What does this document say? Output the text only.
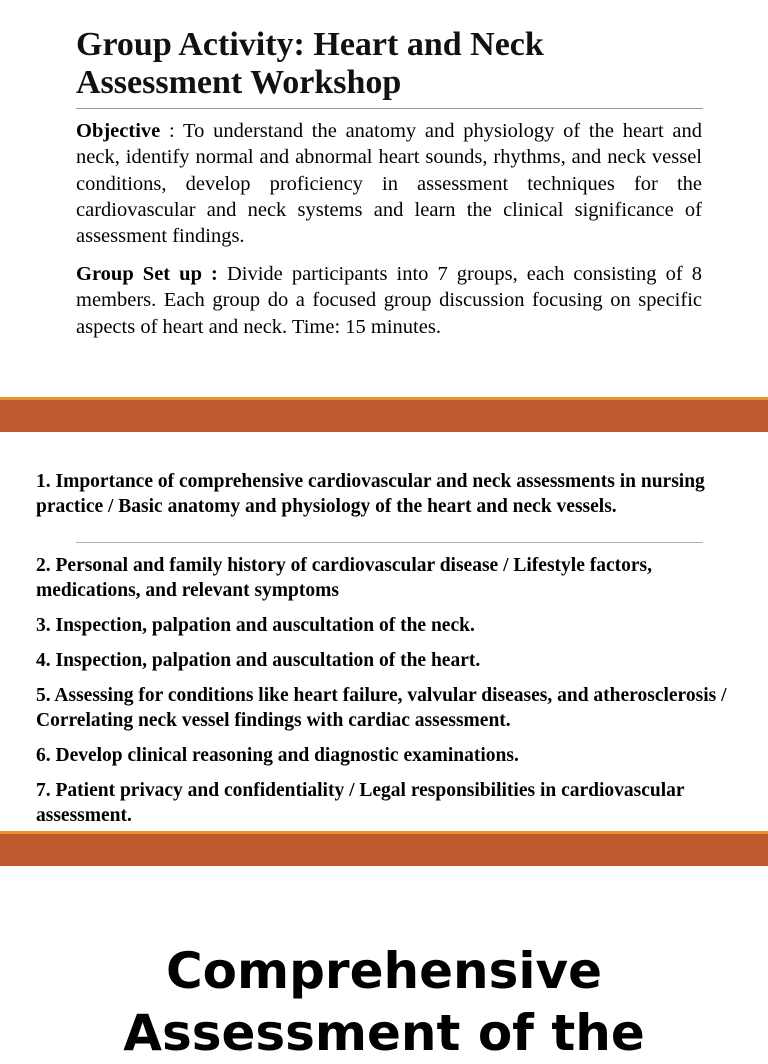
Group Activity: Heart and Neck Assessment Workshop
Objective : To understand the anatomy and physiology of the heart and neck, identify normal and abnormal heart sounds, rhythms, and neck vessel conditions, develop proficiency in assessment techniques for the cardiovascular and neck systems and learn the clinical significance of assessment findings.
Group Set up : Divide participants into 7 groups, each consisting of 8 members. Each group do a focused group discussion focusing on specific aspects of heart and neck. Time: 15 minutes.
1. Importance of comprehensive cardiovascular and neck assessments in nursing practice / Basic anatomy and physiology of the heart and neck vessels.
2. Personal and family history of cardiovascular disease / Lifestyle factors, medications, and relevant symptoms
3. Inspection, palpation and auscultation of the neck.
4. Inspection, palpation and auscultation of the heart.
5. Assessing for conditions like heart failure, valvular diseases, and atherosclerosis / Correlating neck vessel findings with cardiac assessment.
6. Develop clinical reasoning and diagnostic examinations.
7. Patient privacy and confidentiality / Legal responsibilities in cardiovascular assessment.
Comprehensive Assessment of the
